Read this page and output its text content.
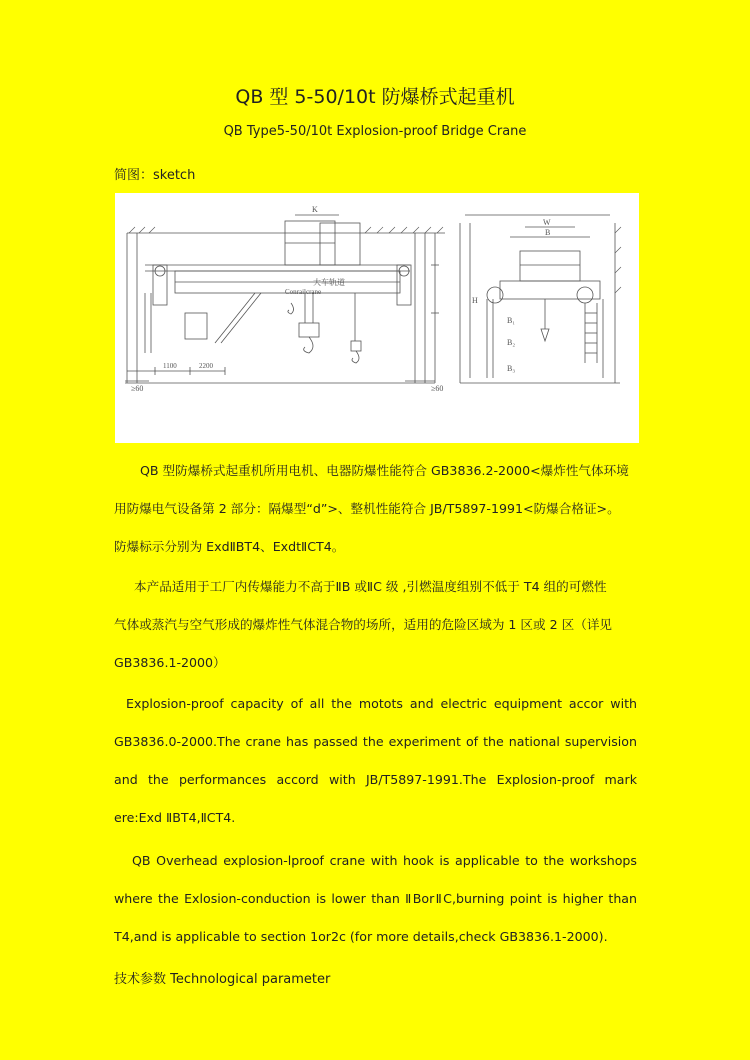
QB 型 5-50/10t 防爆桥式起重机
QB Type5-50/10t Explosion-proof Bridge Crane
简图：sketch
K
W
B
大车轨道
Conrailcrane
1100	2200
≥60	≥60
H
B₁
B₂
B₃
QB 型防爆桥式起重机所用电机、电器防爆性能符合 GB3836.2-2000<爆炸性气体环境
用防爆电气设备第 2 部分：隔爆型“d”>、整机性能符合 JB/T5897-1991<防爆合格证>。
防爆标示分别为 ExdⅡBT4、ExdtⅡCT4。
本产品适用于工厂内传爆能力不高于ⅡB 或ⅡC 级 ,引燃温度组别不低于 T4 组的可燃性
气体或蒸汽与空气形成的爆炸性气体混合物的场所，适用的危险区域为 1 区或 2 区（详见
GB3836.1-2000）
Explosion-proof capacity of all the motots and electric equipment accor with
GB3836.0-2000.The crane has passed the experiment of the national supervision
and the performances accord with JB/T5897-1991.The Explosion-proof mark
ere:Exd ⅡBT4,ⅡCT4.
QB Overhead explosion-lproof crane with hook is applicable to the workshops
where the Exlosion-conduction is lower than ⅡBorⅡC,burning point is higher than
T4,and is applicable to section 1or2c (for more details,check GB3836.1-2000).
技术参数 Technological parameter
